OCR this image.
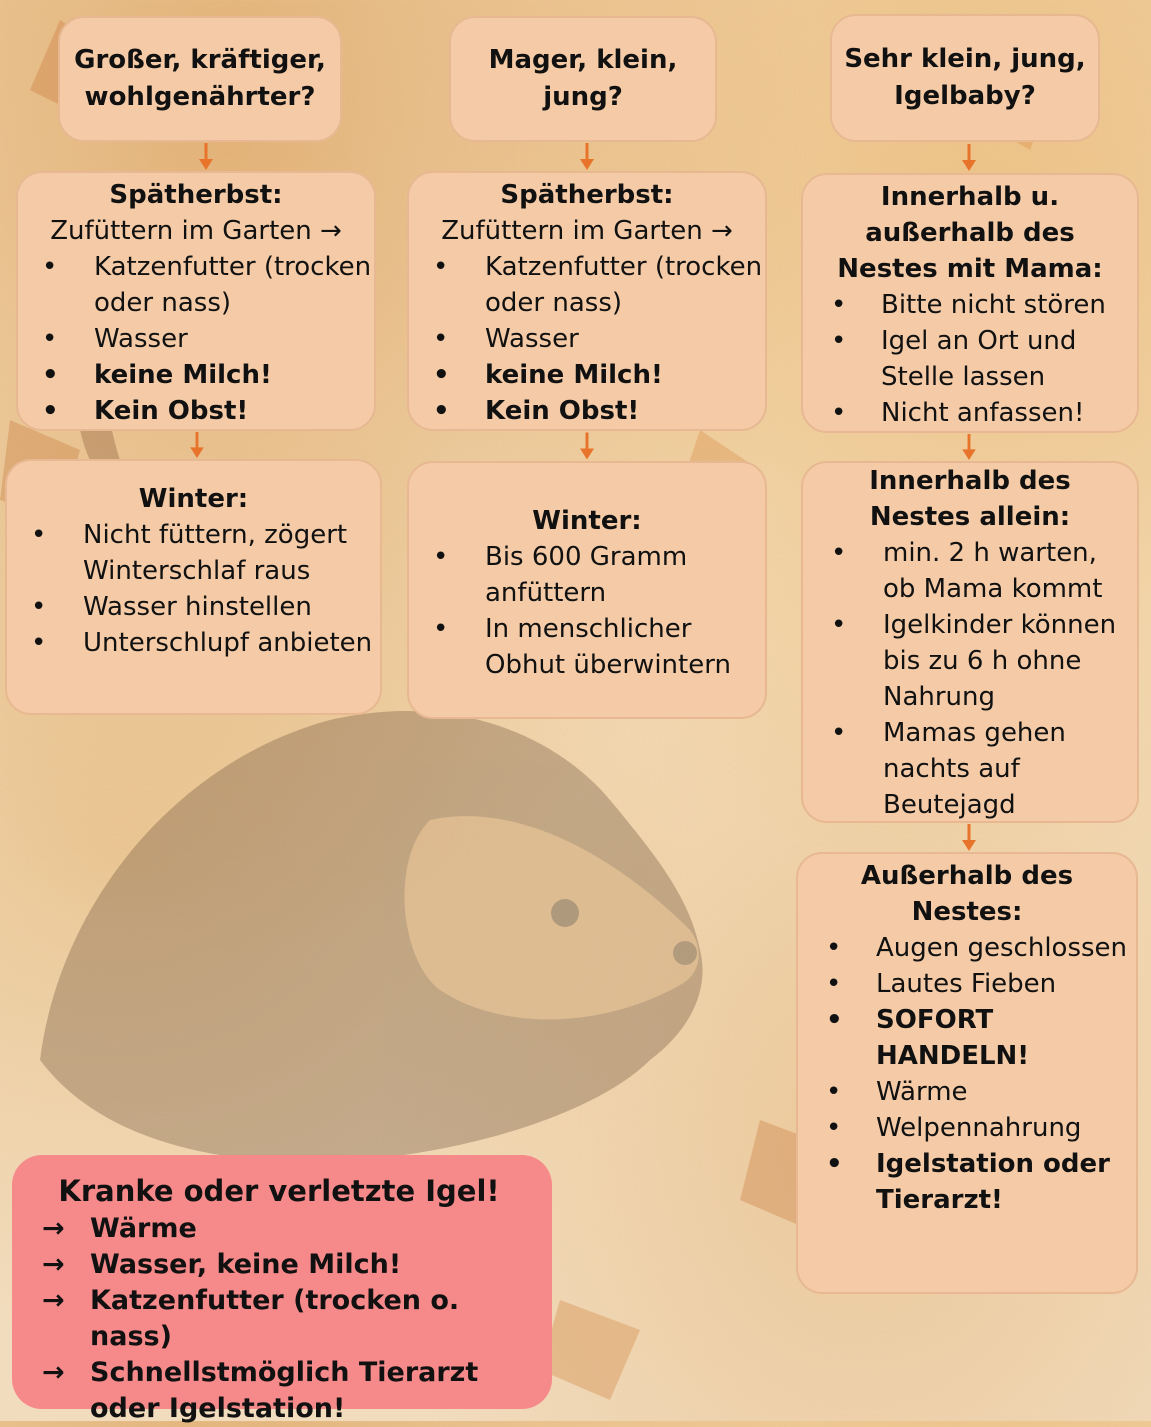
Großer, kräftiger, wohlgenährter?
Spätherbst:
Zufüttern im Garten →
• Katzenfutter (trocken oder nass)
• Wasser
• keine Milch!
• Kein Obst!
Winter:
• Nicht füttern, zögert Winterschlaf raus
• Wasser hinstellen
• Unterschlupf anbieten
Mager, klein, jung?
Spätherbst:
Zufüttern im Garten →
• Katzenfutter (trocken oder nass)
• Wasser
• keine Milch!
• Kein Obst!
Winter:
• Bis 600 Gramm anfüttern
• In menschlicher Obhut überwintern
Sehr klein, jung, Igelbaby?
Innerhalb u. außerhalb des Nestes mit Mama:
• Bitte nicht stören
• Igel an Ort und Stelle lassen
• Nicht anfassen!
Innerhalb des Nestes allein:
• min. 2 h warten, ob Mama kommt
• Igelkinder können bis zu 6 h ohne Nahrung
• Mamas gehen nachts auf Beutejagd
Außerhalb des Nestes:
• Augen geschlossen
• Lautes Fieben
• SOFORT HANDELN!
• Wärme
• Welpennahrung
• Igelstation oder Tierarzt!
Kranke oder verletzte Igel!
→ Wärme
→ Wasser, keine Milch!
→ Katzenfutter (trocken o. nass)
→ Schnellstmöglich Tierarzt oder Igelstation!
